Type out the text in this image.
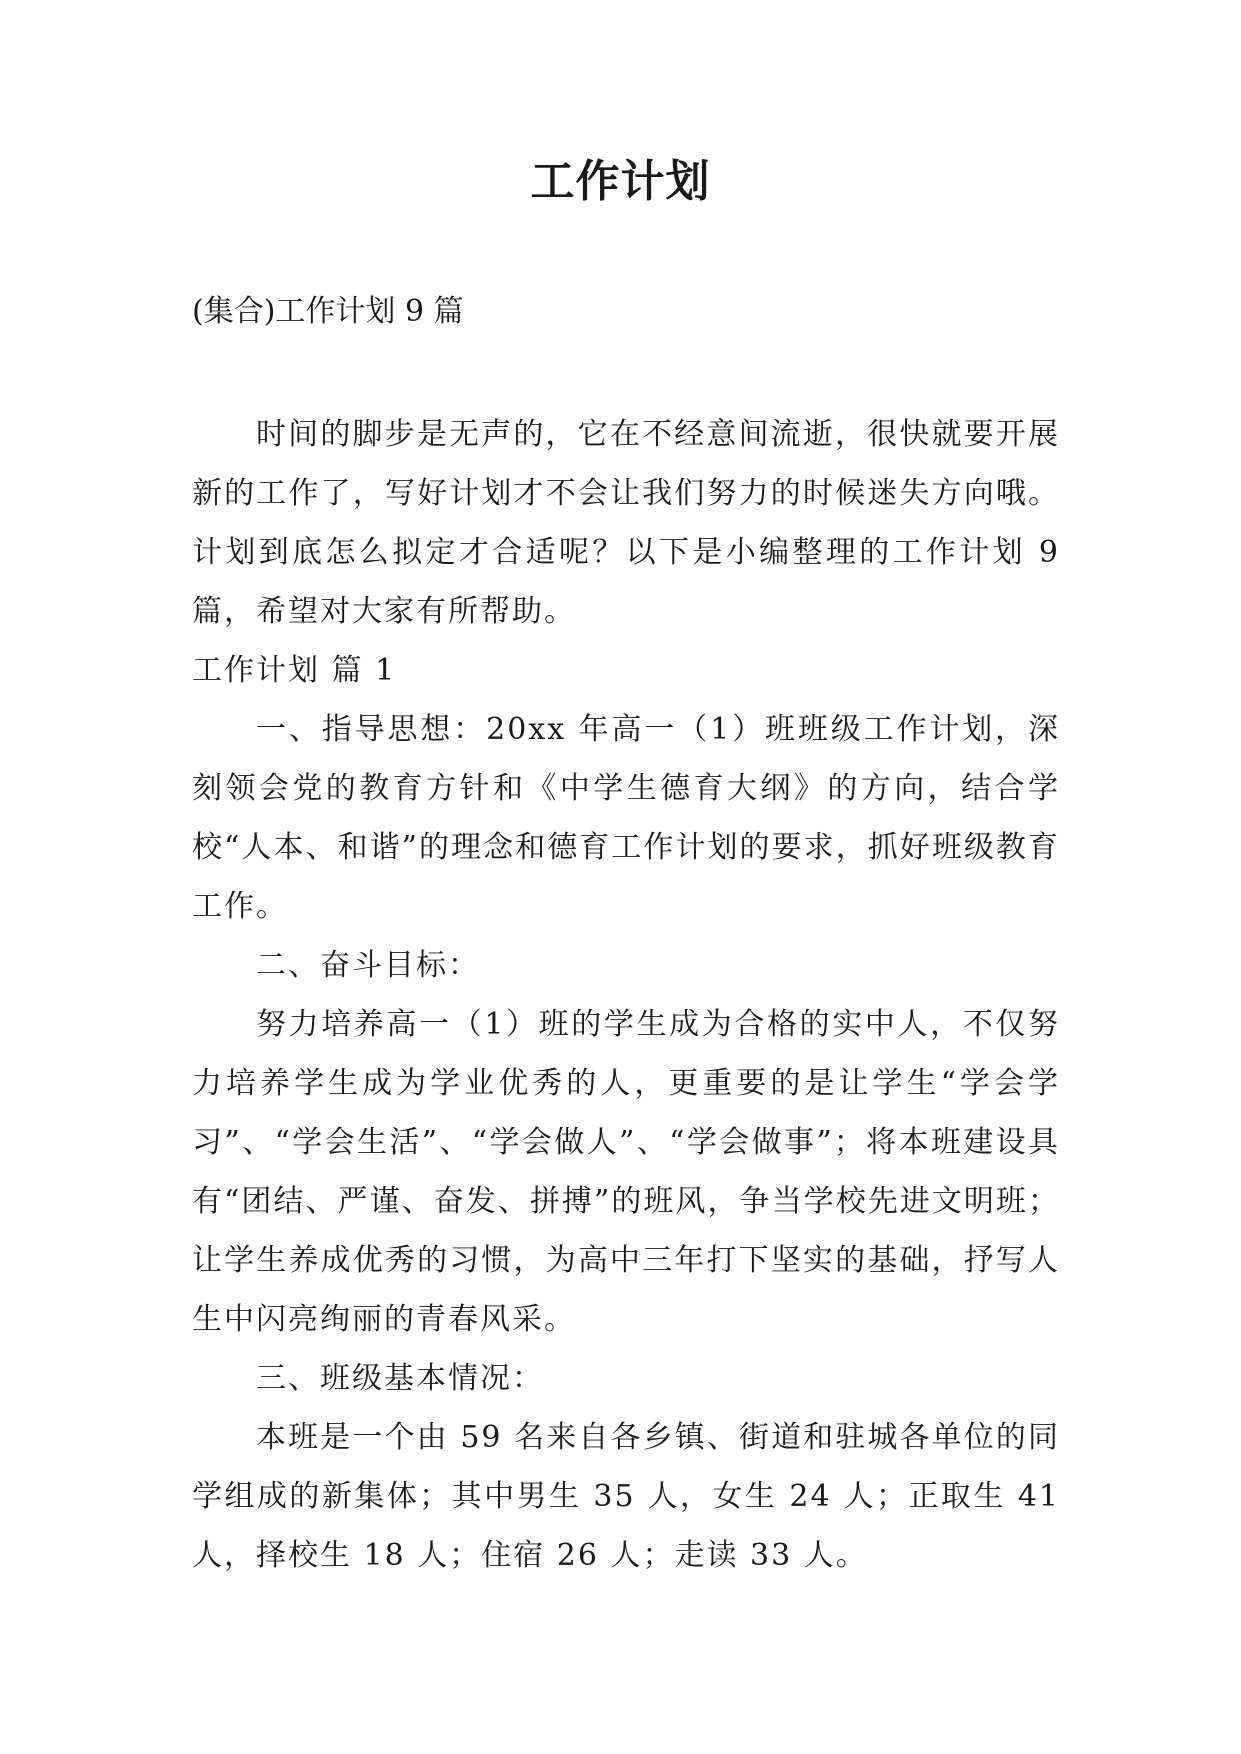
工作计划
(集合)工作计划 9 篇

时间的脚步是无声的，它在不经意间流逝，很快就要开展新的工作了，写好计划才不会让我们努力的时候迷失方向哦。计划到底怎么拟定才合适呢？以下是小编整理的工作计划 9 篇，希望对大家有所帮助。

工作计划 篇 1

一、指导思想：20xx 年高一（1）班班级工作计划，深刻领会党的教育方针和《中学生德育大纲》的方向，结合学校“人本、和谐”的理念和德育工作计划的要求，抓好班级教育工作。

二、奋斗目标：

努力培养高一（1）班的学生成为合格的实中人，不仅努力培养学生成为学业优秀的人，更重要的是让学生“学会学习”、“学会生活”、“学会做人”、“学会做事”；将本班建设具有“团结、严谨、奋发、拼搏”的班风，争当学校先进文明班；让学生养成优秀的习惯，为高中三年打下坚实的基础，抒写人生中闪亮绚丽的青春风采。

三、班级基本情况：

本班是一个由 59 名来自各乡镇、街道和驻城各单位的同学组成的新集体；其中男生 35 人，女生 24 人；正取生 41 人，择校生 18 人；住宿 26 人；走读 33 人。
